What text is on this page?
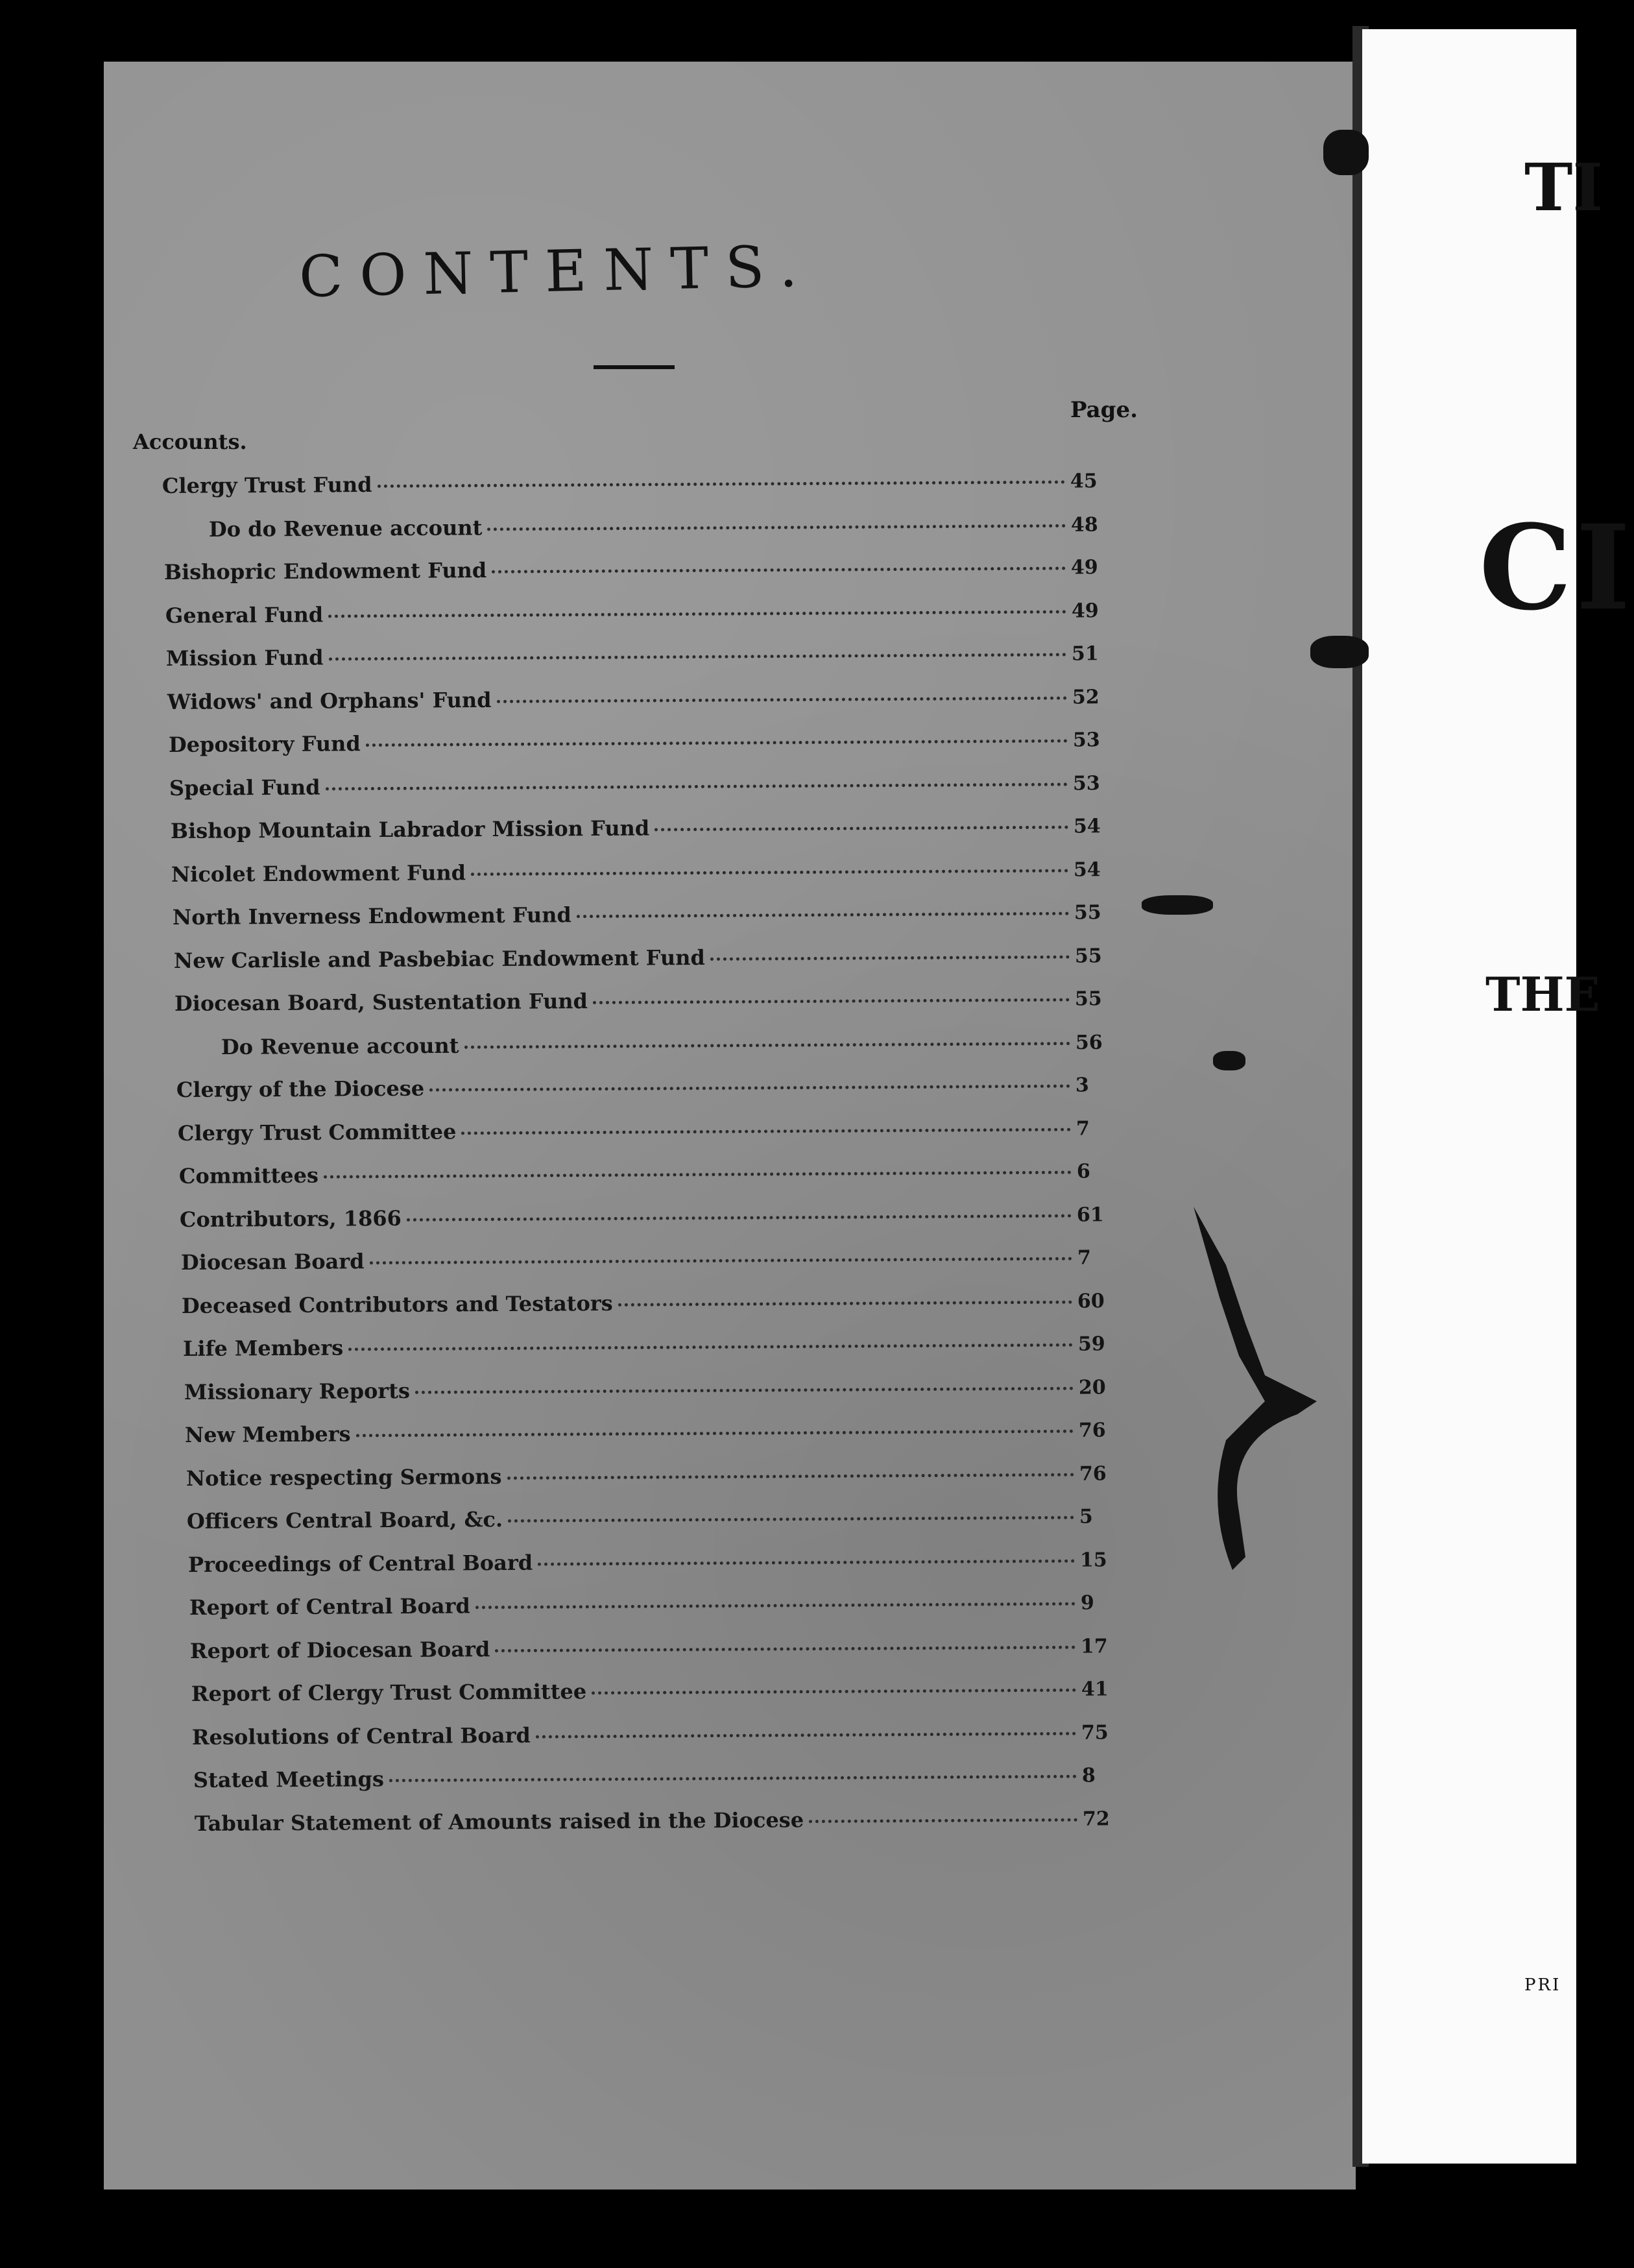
CONTENTS.
Page.
Accounts.
Clergy Trust Fund	45
Do do Revenue account	48
Bishopric Endowment Fund	49
General Fund	49
Mission Fund	51
Widows' and Orphans' Fund	52
Depository Fund	53
Special Fund	53
Bishop Mountain Labrador Mission Fund	54
Nicolet Endowment Fund	54
North Inverness Endowment Fund	55
New Carlisle and Pasbebiac Endowment Fund	55
Diocesan Board, Sustentation Fund	55
Do Revenue account	56
Clergy of the Diocese	3
Clergy Trust Committee	7
Committees	6
Contributors, 1866	61
Diocesan Board	7
Deceased Contributors and Testators	60
Life Members	59
Missionary Reports	20
New Members	76
Notice respecting Sermons	76
Officers Central Board, &c.	5
Proceedings of Central Board	15
Report of Central Board	9
Report of Diocesan Board	17
Report of Clergy Trust Committee	41
Resolutions of Central Board	75
Stated Meetings	8
Tabular Statement of Amounts raised in the Diocese	72
TI
CI
THE
PRI
